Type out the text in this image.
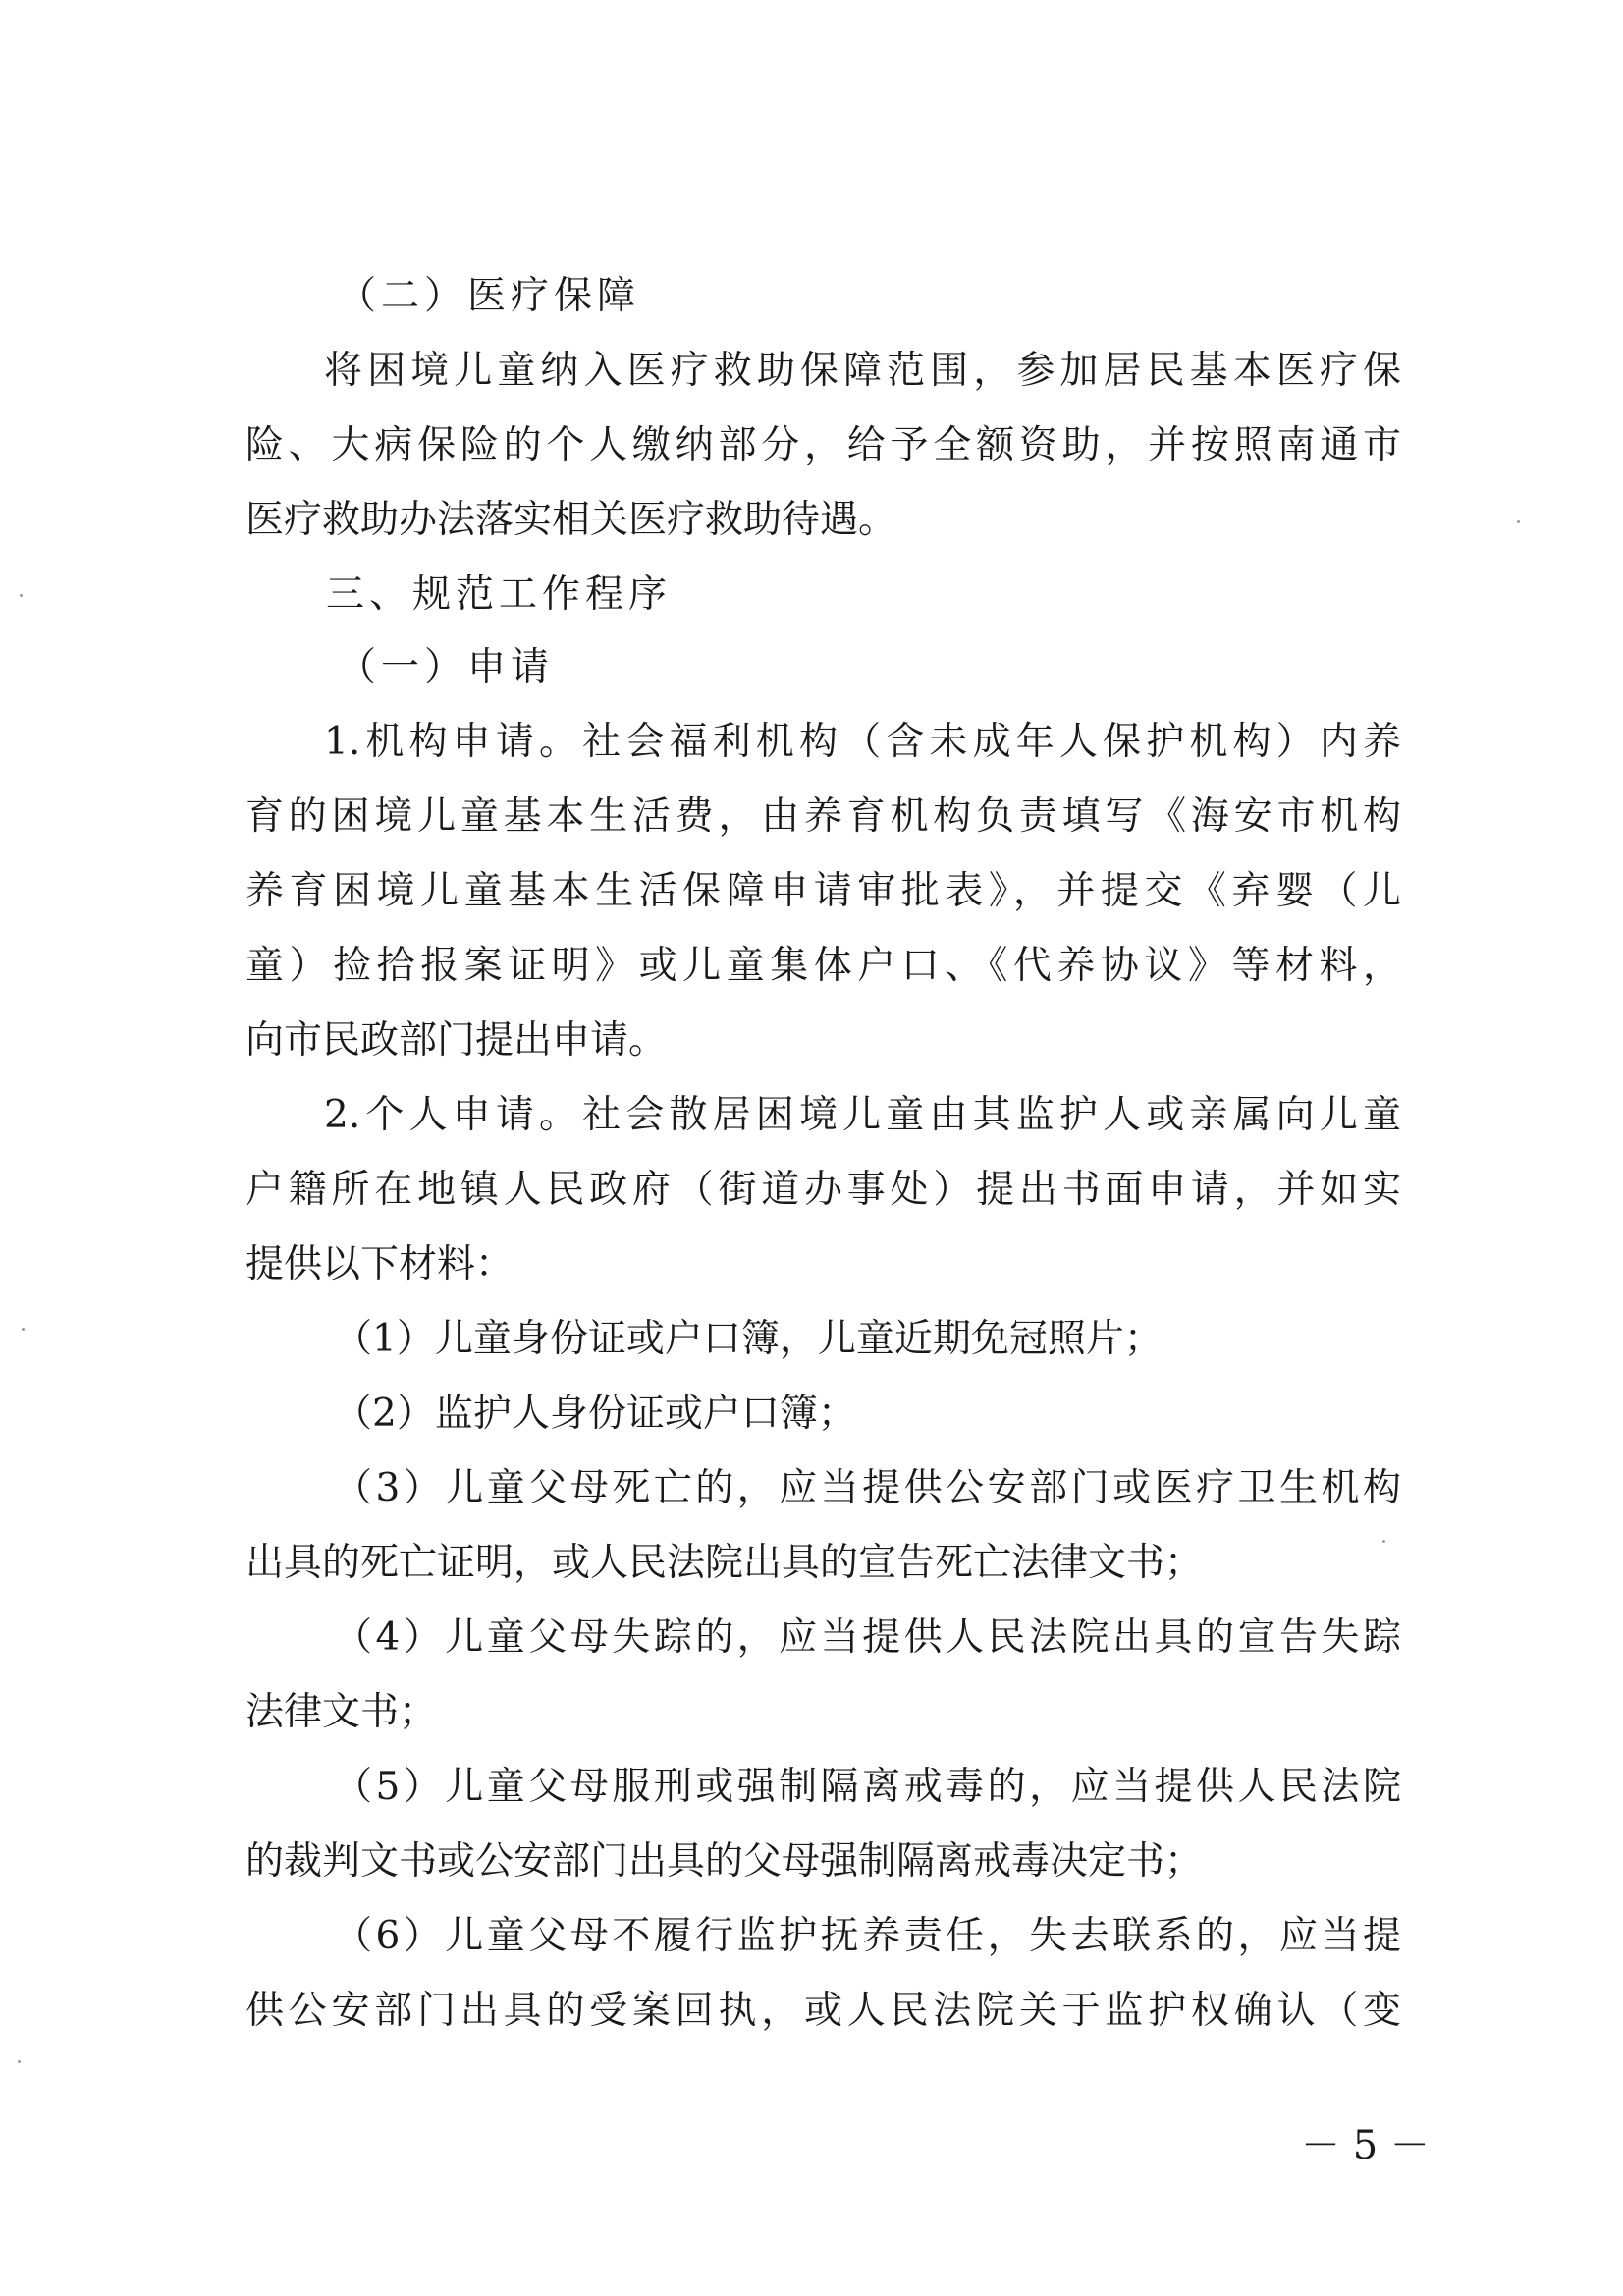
（二）医疗保障
将困境儿童纳入医疗救助保障范围，参加居民基本医疗保
险、大病保险的个人缴纳部分，给予全额资助，并按照南通市
医疗救助办法落实相关医疗救助待遇。
三、规范工作程序
（一）申请
1.机构申请。社会福利机构（含未成年人保护机构）内养
育的困境儿童基本生活费，由养育机构负责填写《海安市机构
养育困境儿童基本生活保障申请审批表》，并提交《弃婴（儿
童）捡拾报案证明》或儿童集体户口、《代养协议》等材料，
向市民政部门提出申请。
2.个人申请。社会散居困境儿童由其监护人或亲属向儿童
户籍所在地镇人民政府（街道办事处）提出书面申请，并如实
提供以下材料：
（1）儿童身份证或户口簿，儿童近期免冠照片；
（2）监护人身份证或户口簿；
（3）儿童父母死亡的，应当提供公安部门或医疗卫生机构
出具的死亡证明，或人民法院出具的宣告死亡法律文书；
（4）儿童父母失踪的，应当提供人民法院出具的宣告失踪
法律文书；
（5）儿童父母服刑或强制隔离戒毒的，应当提供人民法院
的裁判文书或公安部门出具的父母强制隔离戒毒决定书；
（6）儿童父母不履行监护抚养责任，失去联系的，应当提
供公安部门出具的受案回执，或人民法院关于监护权确认（变
－ 5 －
